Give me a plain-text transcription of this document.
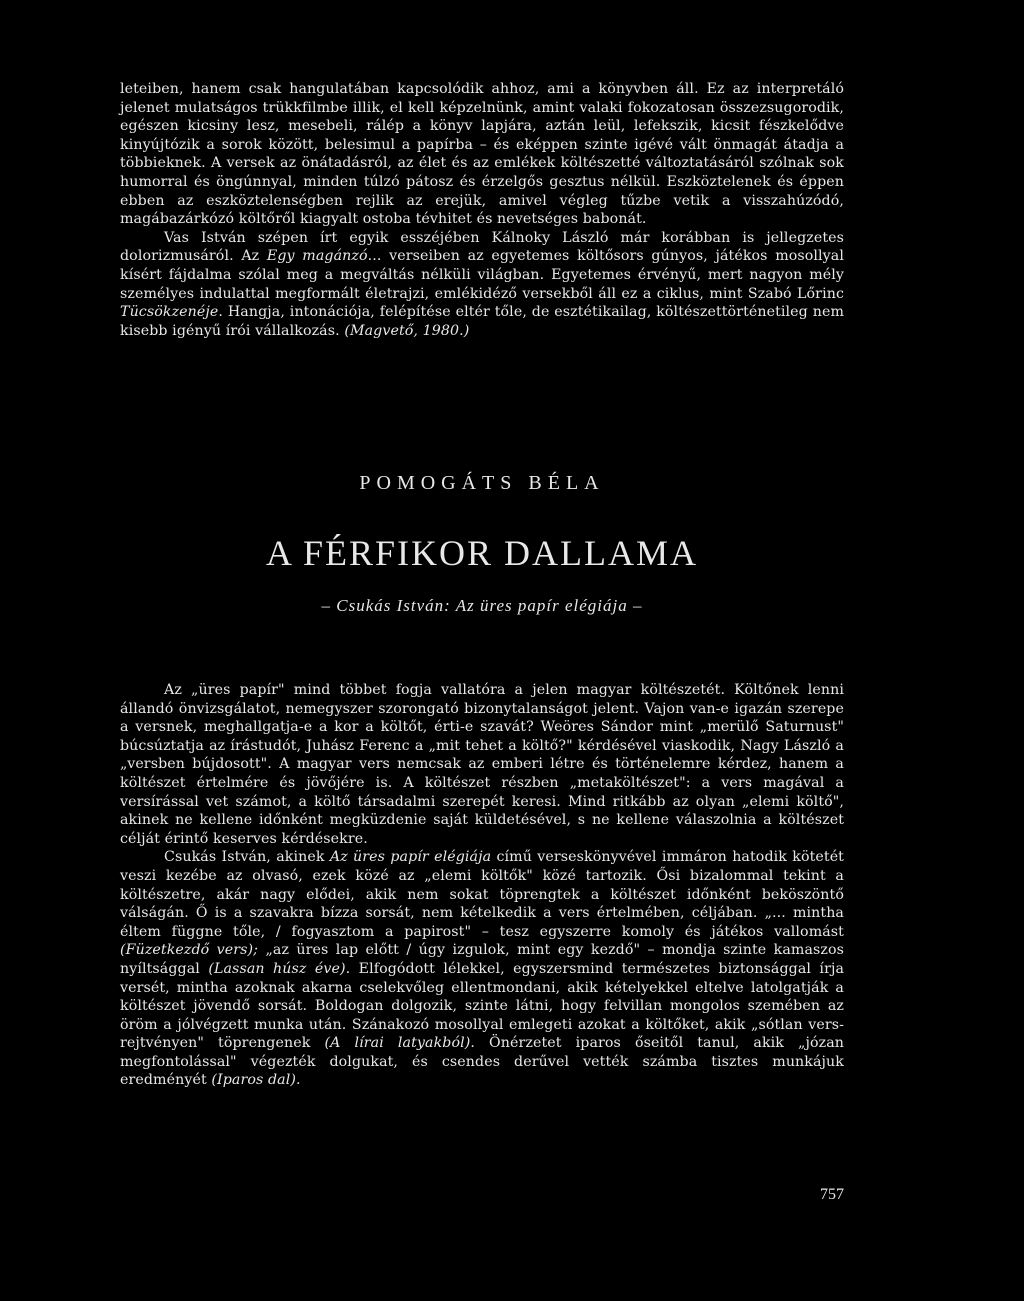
leteiben, hanem csak hangulatában kapcsolódik ahhoz, ami a könyvben áll. Ez az interpretáló jelenet mulatságos trükkfilmbe illik, el kell képzelnünk, amint valaki fokozatosan összezsugorodik, egészen kicsiny lesz, mesebeli, rálép a könyv lapjára, aztán leül, lefekszik, kicsit fészkelődve kinyújtózik a sorok között, belesimul a papírba – és eképpen szinte igévé vált önmagát átadja a többieknek. A versek az önátadásról, az élet és az emlékek költészetté változtatásáról szólnak sok humorral és öngúnnyal, minden túlzó pátosz és érzelgős gesztus nélkül. Eszköztelenek és éppen ebben az eszköztelenségben rejlik az erejük, amivel végleg tűzbe vetik a visszahúzódó, magábazárkózó költőről kiagyalt ostoba tévhitet és nevetséges babonát.

Vas István szépen írt egyik esszéjében Kálnoky László már korábban is jellegzetes dolorizmusáról. Az Egy magánzó... verseiben az egyetemes költősors gúnyos, játékos mosollyal kísért fájdalma szólal meg a megváltás nélküli világban. Egyetemes érvényű, mert nagyon mély személyes indulattal megformált életrajzi, emlékidéző versekből áll ez a ciklus, mint Szabó Lőrinc Tücsökzenéje. Hangja, intonációja, felépítése eltér tőle, de esztétikailag, költészettörténetileg nem kisebb igényű írói vállalkozás. (Magvető, 1980.)

POMOGÁTS BÉLA
A FÉRFIKOR DALLAMA
– Csukás István: Az üres papír elégiája –

Az „üres papír" mind többet fogja vallatóra a jelen magyar költészetét. Költőnek lenni állandó önvizsgálatot, nemegyszer szorongató bizonytalanságot jelent. Vajon van-e igazán szerepe a versnek, meghallgatja-e a kor a költőt, érti-e szavát? Weöres Sándor mint „merülő Saturnust" búcsúztatja az írástudót, Juhász Ferenc a „mit tehet a költő?" kérdésével viaskodik, Nagy László a „versben bújdosott". A magyar vers nemcsak az emberi létre és történelemre kérdez, hanem a költészet értelmére és jövőjére is. A költészet részben „metaköltészet": a vers magával a versírással vet számot, a költő társadalmi szerepét keresi. Mind ritkább az olyan „elemi költő", akinek ne kellene időnként megküzdenie saját küldetésével, s ne kellene válaszolnia a költészet célját érintő keserves kérdésekre.

Csukás István, akinek Az üres papír elégiája című verseskönyvével immáron hatodik kötetét veszi kezébe az olvasó, ezek közé az „elemi költők" közé tartozik. Ősi bizalommal tekint a költészetre, akár nagy elődei, akik nem sokat töprengtek a költészet időnként beköszöntő válságán. Ő is a szavakra bízza sorsát, nem kételkedik a vers értelmében, céljában. „... mintha éltem függne tőle, / fogyasztom a papirost" – tesz egyszerre komoly és játékos vallomást (Füzetkezdő vers); „az üres lap előtt / úgy izgulok, mint egy kezdő" – mondja szinte kamaszos nyíltsággal (Lassan húsz éve). Elfogódott lélekkel, egyszersmind természetes biztonsággal írja versét, mintha azoknak akarna cselekvőleg ellentmondani, akik kételyekkel eltelve latolgatják a költészet jövendő sorsát. Boldogan dolgozik, szinte látni, hogy felvillan mongolos szemében az öröm a jólvégzett munka után. Szánakozó mosollyal emlegeti azokat a költőket, akik „sótlan vers-rejtvényen" töprengenek (A lírai latyakból). Önérzetet iparos őseitől tanul, akik „józan megfontolással" végezték dolgukat, és csendes derűvel vették számba tisztes munkájuk eredményét (Iparos dal).

757
